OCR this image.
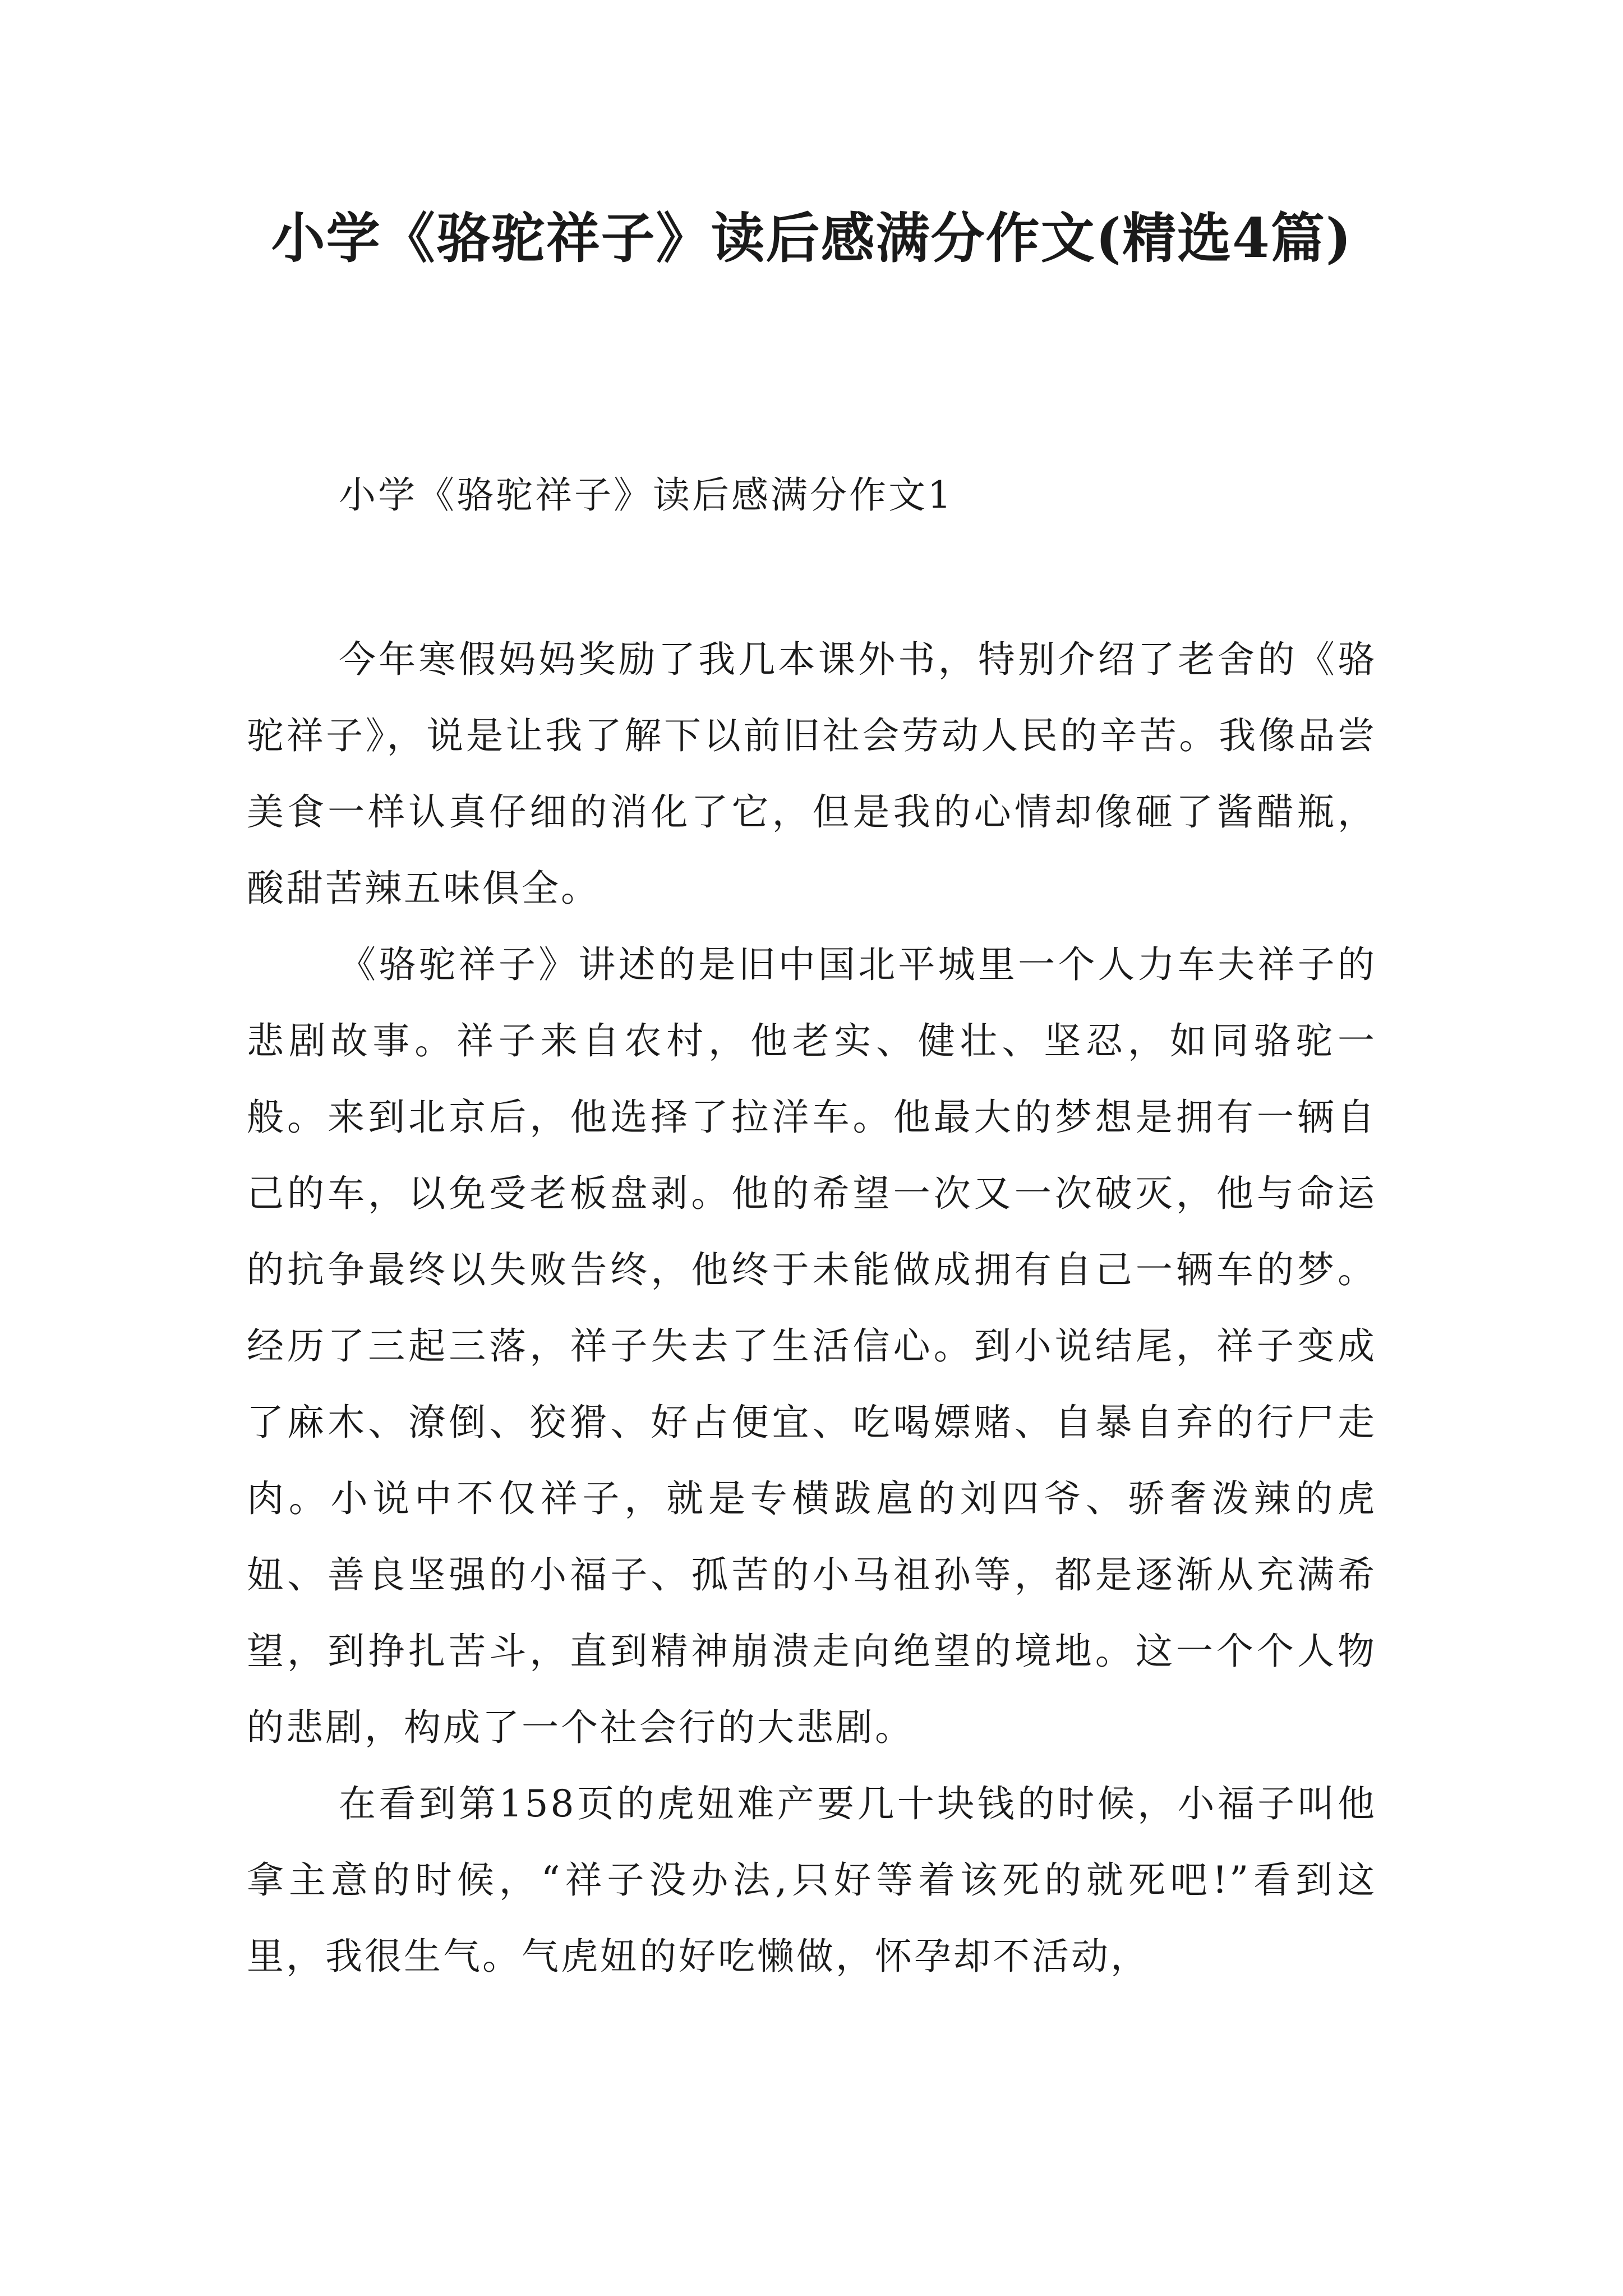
小学《骆驼祥子》读后感满分作文(精选4篇)
小学《骆驼祥子》读后感满分作文1

今年寒假妈妈奖励了我几本课外书，特别介绍了老舍的《骆驼祥子》，说是让我了解下以前旧社会劳动人民的辛苦。我像品尝美食一样认真仔细的消化了它，但是我的心情却像砸了酱醋瓶，酸甜苦辣五味俱全。

《骆驼祥子》讲述的是旧中国北平城里一个人力车夫祥子的悲剧故事。祥子来自农村，他老实、健壮、坚忍，如同骆驼一般。来到北京后，他选择了拉洋车。他最大的梦想是拥有一辆自己的车，以免受老板盘剥。他的希望一次又一次破灭，他与命运的抗争最终以失败告终，他终于未能做成拥有自己一辆车的梦。经历了三起三落，祥子失去了生活信心。到小说结尾，祥子变成了麻木、潦倒、狡猾、好占便宜、吃喝嫖赌、自暴自弃的行尸走肉。小说中不仅祥子，就是专横跋扈的刘四爷、骄奢泼辣的虎妞、善良坚强的小福子、孤苦的小马祖孙等，都是逐渐从充满希望，到挣扎苦斗，直到精神崩溃走向绝望的境地。这一个个人物的悲剧，构成了一个社会行的大悲剧。

在看到第158页的虎妞难产要几十块钱的时候，小福子叫他拿主意的时候，“祥子没办法,只好等着该死的就死吧!”看到这里，我很生气。气虎妞的好吃懒做，怀孕却不活动，
